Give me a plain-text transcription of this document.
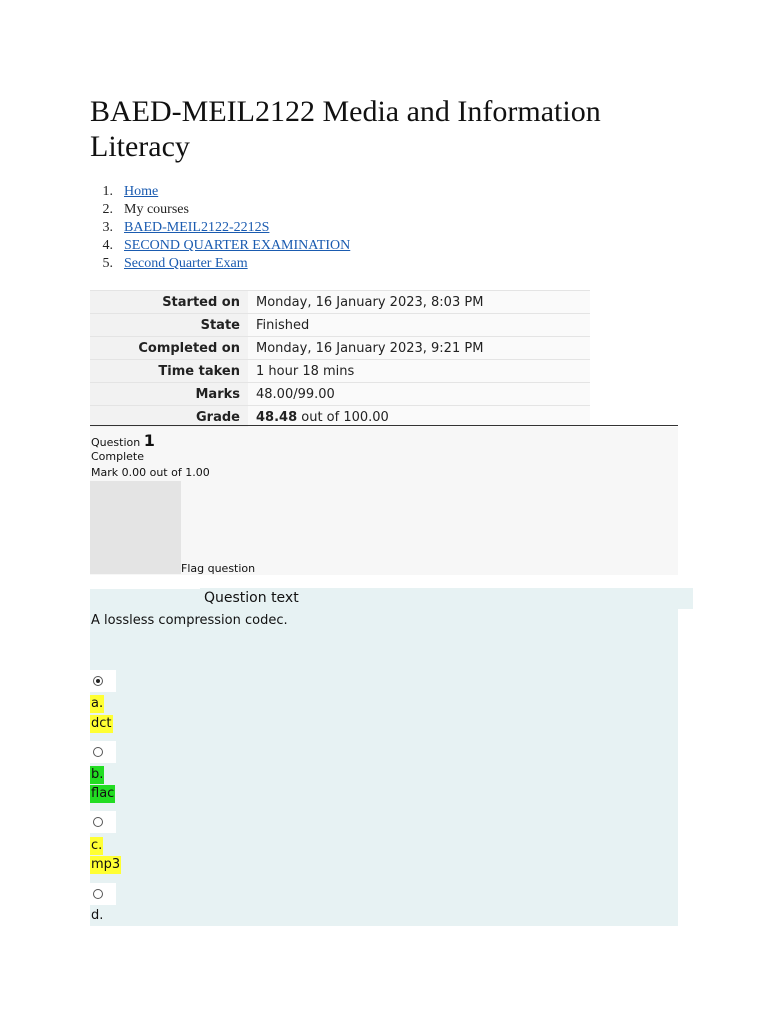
BAED-MEIL2122 Media and Information Literacy
1. Home
2. My courses
3. BAED-MEIL2122-2212S
4. SECOND QUARTER EXAMINATION
5. Second Quarter Exam
Started on	Monday, 16 January 2023, 8:03 PM
State	Finished
Completed on	Monday, 16 January 2023, 9:21 PM
Time taken	1 hour 18 mins
Marks	48.00/99.00
Grade	48.48 out of 100.00
Question 1
Complete
Mark 0.00 out of 1.00
Flag question
Question text
A lossless compression codec.
a.
dct
b.
flac
c.
mp3
d.
